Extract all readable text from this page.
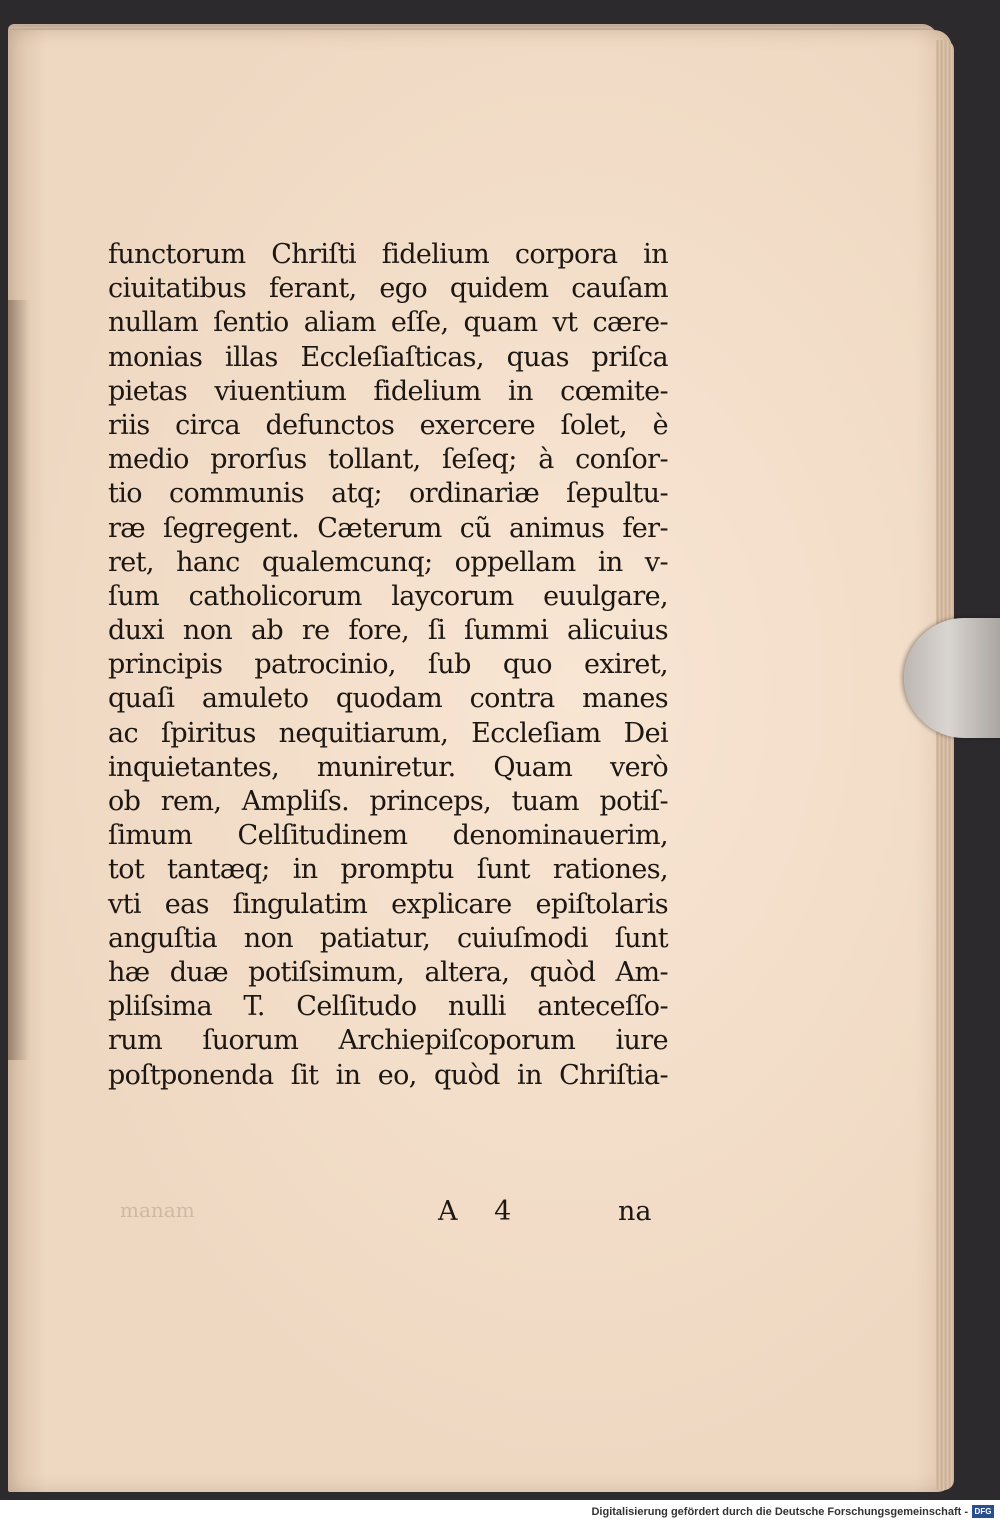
functorum Chriſti fidelium corpora in
ciuitatibus ferant, ego quidem cauſam
nullam ſentio aliam eſſe, quam vt cære-
monias illas Eccleſiaſticas, quas priſca
pietas viuentium fidelium in cœmite-
riis circa defunctos exercere ſolet, è
medio prorſus tollant, ſeſeq; à conſor-
tio communis atq; ordinariæ ſepultu-
ræ ſegregent. Cæterum cũ animus fer-
ret, hanc qualemcunq; oppellam in v-
ſum catholicorum laycorum euulgare,
duxi non ab re fore, ſi ſummi alicuius
principis patrocinio, ſub quo exiret,
quaſi amuleto quodam contra manes
ac ſpiritus nequitiarum, Eccleſiam Dei
inquietantes, muniretur. Quam verò
ob rem, Ampliſs. princeps, tuam potiſ-
ſimum Celſitudinem denominauerim,
tot tantæq; in promptu ſunt rationes,
vti eas ſingulatim explicare epiſtolaris
anguſtia non patiatur, cuiuſmodi ſunt
hæ duæ potiſsimum, altera, quòd Am-
pliſsima T. Celſitudo nulli anteceſſo-
rum ſuorum Archiepiſcoporum iure
poſtponenda ſit in eo, quòd in Chriſtia-
manam	A 4	na
Digitalisierung gefördert durch die Deutsche Forschungsgemeinschaft - DFG
